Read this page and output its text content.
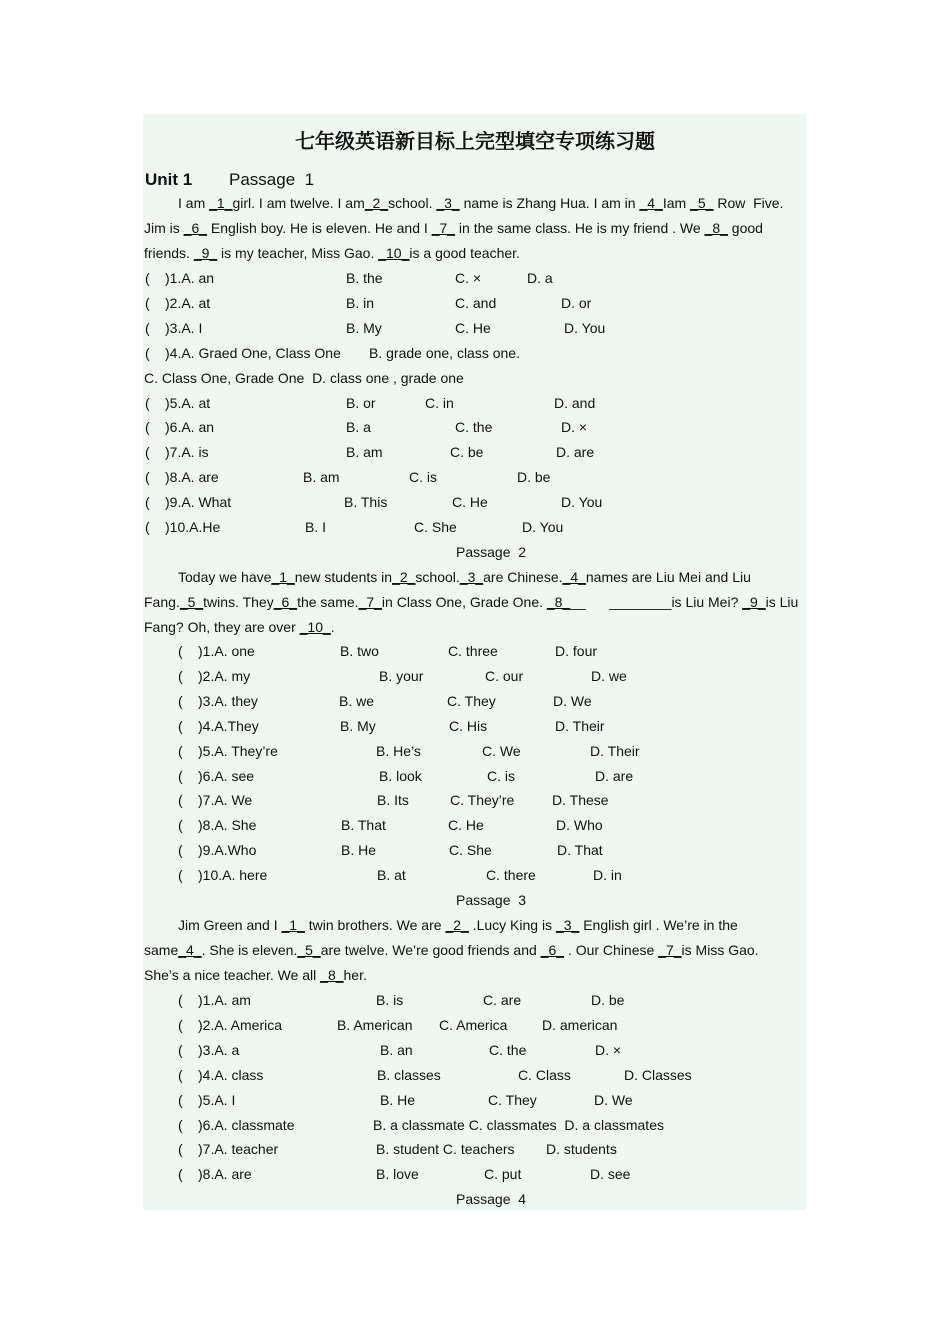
七年级英语新目标上完型填空专项练习题
Unit 1 Passage  1
I am _1_girl. I am twelve. I am_2_school. _3_ name is Zhang Hua. I am in _4_Iam _5_ Row  Five.
Jim is _6_ English boy. He is eleven. He and I _7_ in the same class. He is my friend . We _8_ good
friends. _9_ is my teacher, Miss Gao. _10_is a good teacher.
( )1.A. an	B. the	C. ×	D. a
( )2.A. at	B. in	C. and	D. or
( )3.A. I	B. My	C. He	D. You
( )4.A. Graed One, Class One B. grade one, class one.
C. Class One, Grade One  D. class one , grade one
( )5.A. at	B. or	C. in	D. and
( )6.A. an	B. a	C. the	D. ×
( )7.A. is	B. am	C. be	D. are
( )8.A. are	B. am	C. is	D. be
( )9.A. What	B. This	C. He	D. You
( )10.A.He	B. I	C. She	D. You
Passage  2
Today we have_1_new students in_2_school._3_are Chinese._4_names are Liu Mei and Liu
Fang._5_twins. They_6_the same._7_in Class One, Grade One. _8___      ________is Liu Mei? _9_is Liu
Fang? Oh, they are over _10_.
( )1.A. one	B. two	C. three	D. four
( )2.A. my	B. your	C. our	D. we
( )3.A. they	B. we	C. They	D. We
( )4.A.They	B. My	C. His	D. Their
( )5.A. They’re	B. He’s	C. We	D. Their
( )6.A. see	B. look	C. is	D. are
( )7.A. We	B. Its	C. They’re	D. These
( )8.A. She	B. That	C. He	D. Who
( )9.A.Who	B. He	C. She	D. That
( )10.A. here	B. at	C. there	D. in
Passage  3
Jim Green and I _1_ twin brothers. We are _2_ .Lucy King is _3_ English girl . We’re in the
same_4_. She is eleven._5_are twelve. We’re good friends and _6_ . Our Chinese _7_is Miss Gao.
She’s a nice teacher. We all _8_her.
( )1.A. am	B. is	C. are	D. be
( )2.A. America	B. American C. America D. american
( )3.A. a	B. an	C. the	D. ×
( )4.A. class	B. classes	C. Class	D. Classes
( )5.A. I	B. He	C. They	D. We
( )6.A. classmate	B. a classmate C. classmates  D. a classmates
( )7.A. teacher	B. student C. teachers D. students
( )8.A. are	B. love	C. put	D. see
Passage  4
